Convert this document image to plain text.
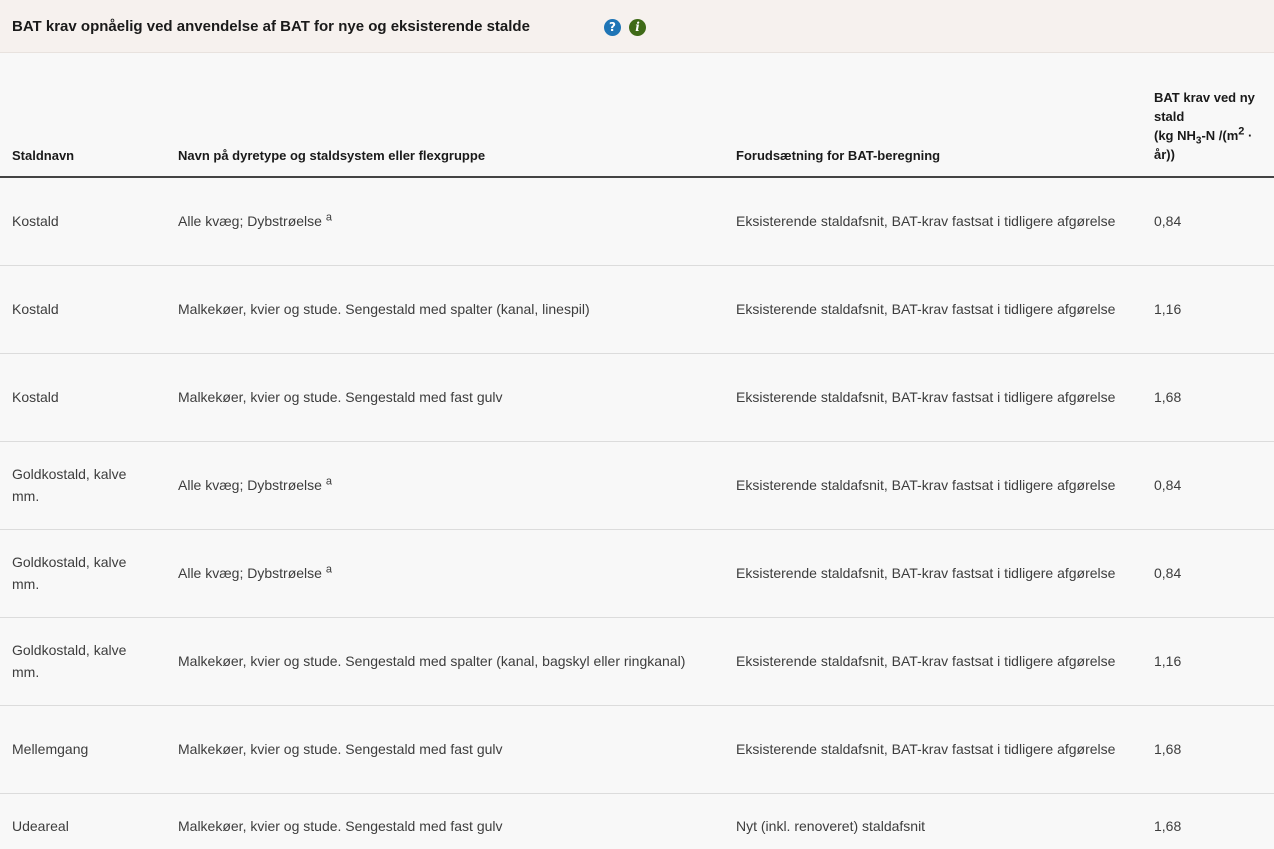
BAT krav opnåelig ved anvendelse af BAT for nye og eksisterende stalde	?	i
Staldnavn	Navn på dyretype og staldsystem eller flexgruppe	Forudsætning for BAT-beregning	BAT krav ved ny
stald
(kg $NH_3-N$ $/(m^2$ ·
år))
Kostald	Alle kvæg; Dybstrøelse $^a$	Eksisterende staldafsnit, BAT-krav fastsat i tidligere afgørelse	0,84
Kostald	Malkekøer, kvier og stude. Sengestald med spalter (kanal, linespil)	Eksisterende staldafsnit, BAT-krav fastsat i tidligere afgørelse	1,16
Kostald	Malkekøer, kvier og stude. Sengestald med fast gulv	Eksisterende staldafsnit, BAT-krav fastsat i tidligere afgørelse	1,68
Goldkostald, kalve mm.	Alle kvæg; Dybstrøelse $^a$	Eksisterende staldafsnit, BAT-krav fastsat i tidligere afgørelse	0,84
Goldkostald, kalve mm.	Alle kvæg; Dybstrøelse $^a$	Eksisterende staldafsnit, BAT-krav fastsat i tidligere afgørelse	0,84
Goldkostald, kalve mm.	Malkekøer, kvier og stude. Sengestald med spalter (kanal, bagskyl eller ringkanal)	Eksisterende staldafsnit, BAT-krav fastsat i tidligere afgørelse	1,16
Mellemgang	Malkekøer, kvier og stude. Sengestald med fast gulv	Eksisterende staldafsnit, BAT-krav fastsat i tidligere afgørelse	1,68
Udeareal	Malkekøer, kvier og stude. Sengestald med fast gulv	Nyt (inkl. renoveret) staldafsnit	1,68
